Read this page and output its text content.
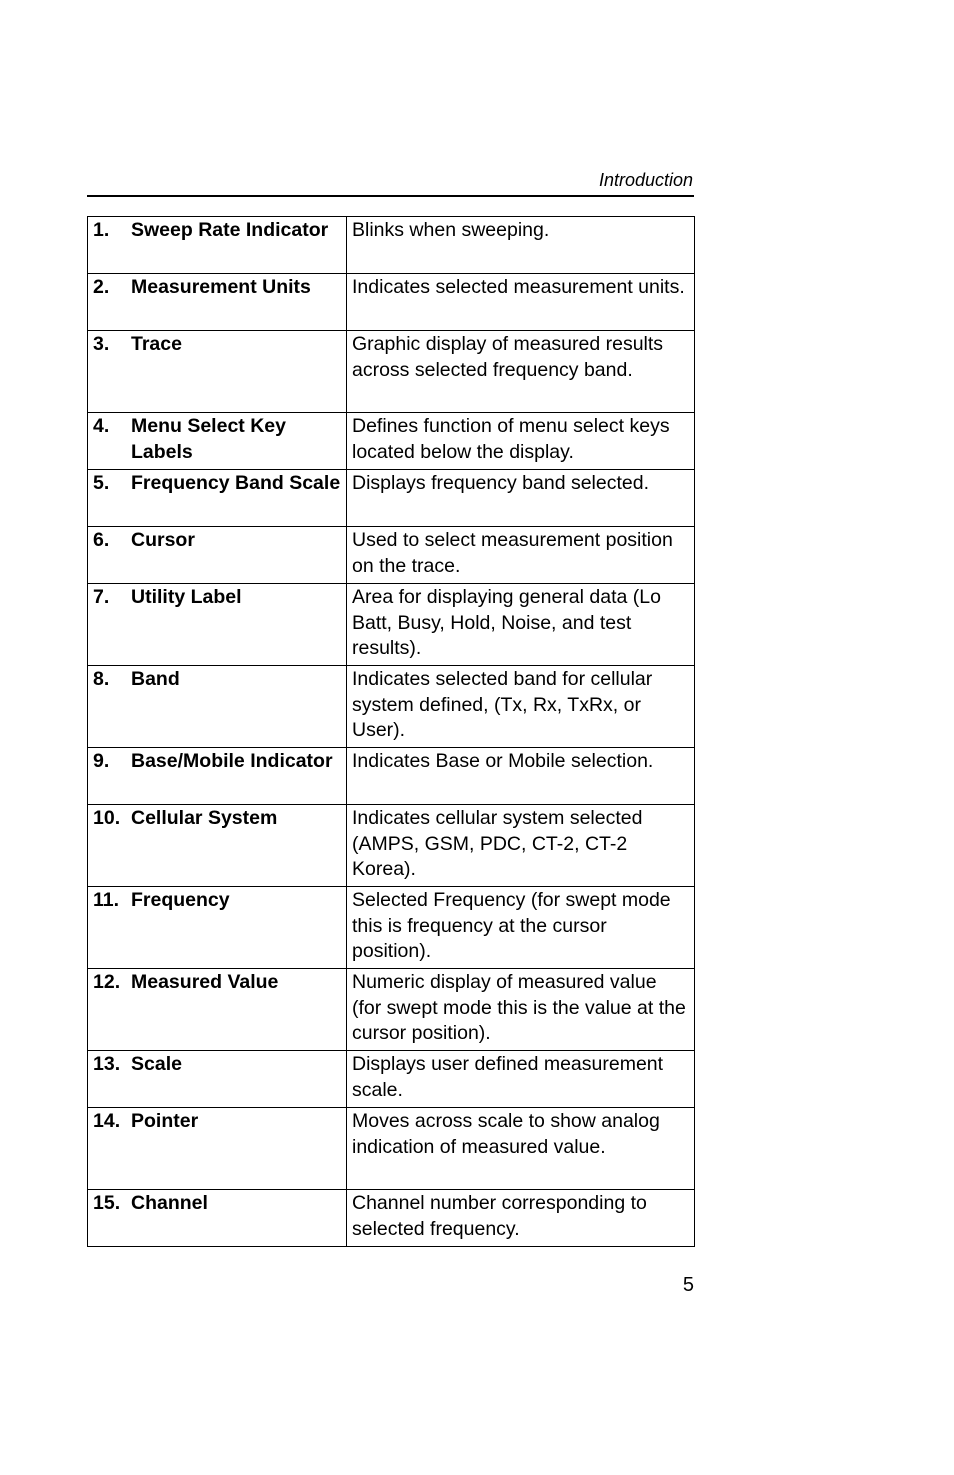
Introduction
1. Sweep Rate Indicator	Blinks when sweeping.

2. Measurement Units	Indicates selected measurement units.

3. Trace	Graphic display of measured results across selected frequency band.

4. Menu Select Key Labels	Defines function of menu select keys located below the display.

5. Frequency Band Scale	Displays frequency band selected.

6. Cursor	Used to select measurement position on the trace.

7. Utility Label	Area for displaying general data (Lo Batt, Busy, Hold, Noise, and test results).

8. Band	Indicates selected band for cellular system defined, (Tx, Rx, TxRx, or User).

9. Base/Mobile Indicator	Indicates Base or Mobile selection.

10. Cellular System	Indicates cellular system selected (AMPS, GSM, PDC, CT-2, CT-2 Korea).

11. Frequency	Selected Frequency (for swept mode this is frequency at the cursor position).

12. Measured Value	Numeric display of measured value (for swept mode this is the value at the cursor position).

13. Scale	Displays user defined measurement scale.

14. Pointer	Moves across scale to show analog indication of measured value.

15. Channel	Channel number corresponding to selected frequency.
5
